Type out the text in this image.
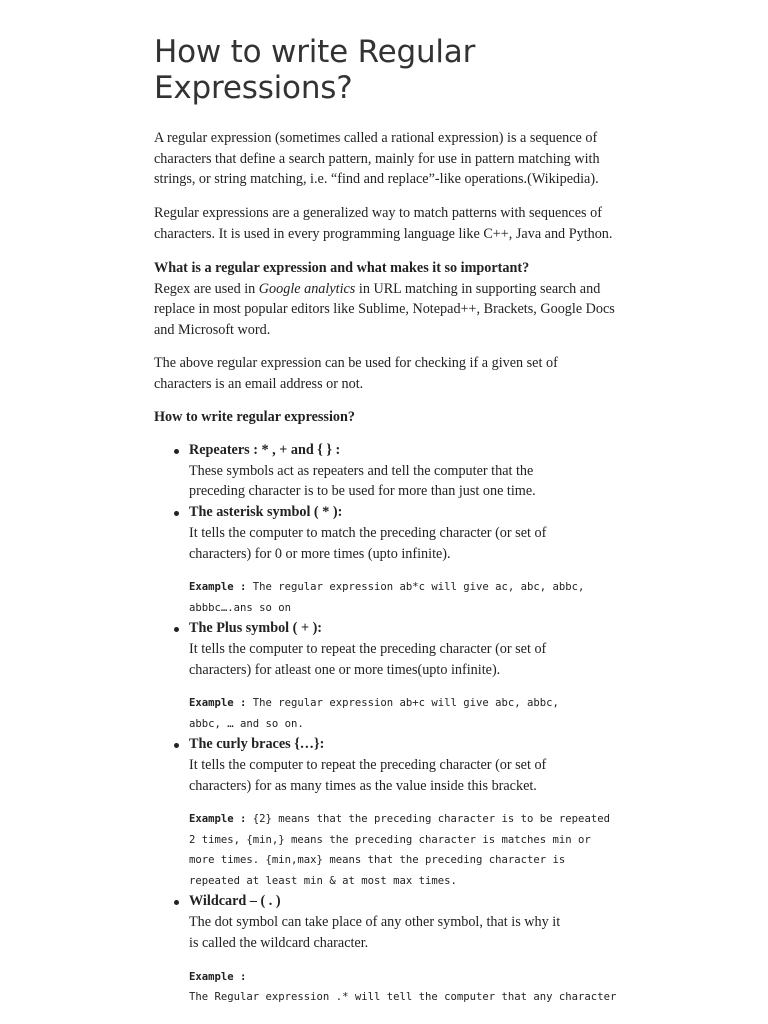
How to write Regular Expressions?

A regular expression (sometimes called a rational expression) is a sequence of characters that define a search pattern, mainly for use in pattern matching with strings, or string matching, i.e. “find and replace”-like operations.(Wikipedia).

Regular expressions are a generalized way to match patterns with sequences of characters. It is used in every programming language like C++, Java and Python.

What is a regular expression and what makes it so important?

Regex are used in Google analytics in URL matching in supporting search and replace in most popular editors like Sublime, Notepad++, Brackets, Google Docs and Microsoft word.

The above regular expression can be used for checking if a given set of characters is an email address or not.

How to write regular expression?

Repeaters : * , + and { } :

These symbols act as repeaters and tell the computer that the preceding character is to be used for more than just one time.

The asterisk symbol ( * ):

It tells the computer to match the preceding character (or set of characters) for 0 or more times (upto infinite).

Example : The regular expression ab*c will give ac, abc, abbc, abbbc….ans so on

The Plus symbol ( + ):

It tells the computer to repeat the preceding character (or set of characters) for atleast one or more times(upto infinite).

Example : The regular expression ab+c will give abc, abbc, abbc, … and so on.

The curly braces {…}:

It tells the computer to repeat the preceding character (or set of characters) for as many times as the value inside this bracket.

Example : {2} means that the preceding character is to be repeated 2 times, {min,} means the preceding character is matches min or  more times. {min,max} means that the preceding character is repeated at least min & at most max times.

Wildcard – ( . )

The dot symbol can take place of any other symbol, that is why it is called the wildcard character.

Example :
The Regular expression .* will tell the computer that any character
